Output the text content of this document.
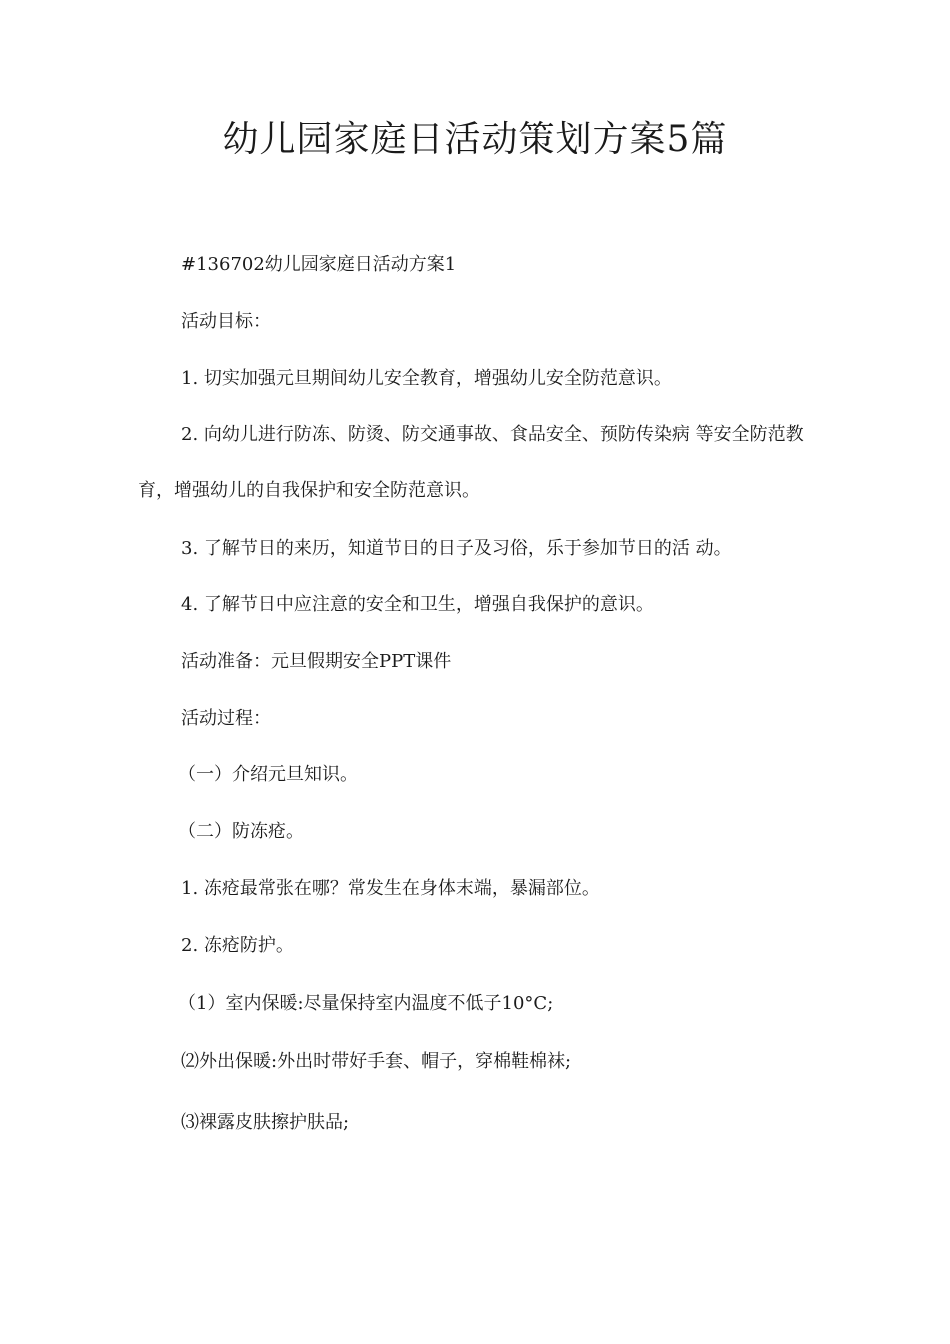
幼儿园家庭日活动策划方案5篇

#136702幼儿园家庭日活动方案1

活动目标：

1. 切实加强元旦期间幼儿安全教育，增强幼儿安全防范意识。

2. 向幼儿进行防冻、防烫、防交通事故、食品安全、预防传染病 等安全防范教育，增强幼儿的自我保护和安全防范意识。

3. 了解节日的来历，知道节日的日子及习俗，乐于参加节日的活 动。

4. 了解节日中应注意的安全和卫生，增强自我保护的意识。

活动准备：元旦假期安全PPT课件

活动过程：

（一）介绍元旦知识。

（二）防冻疮。

1. 冻疮最常张在哪？常发生在身体末端，暴漏部位。

2. 冻疮防护。

（1）室内保暖:尽量保持室内温度不低子10°C;

⑵外出保暖:外出时带好手套、帽子，穿棉鞋棉袜;

⑶裸露皮肤擦护肤品;
